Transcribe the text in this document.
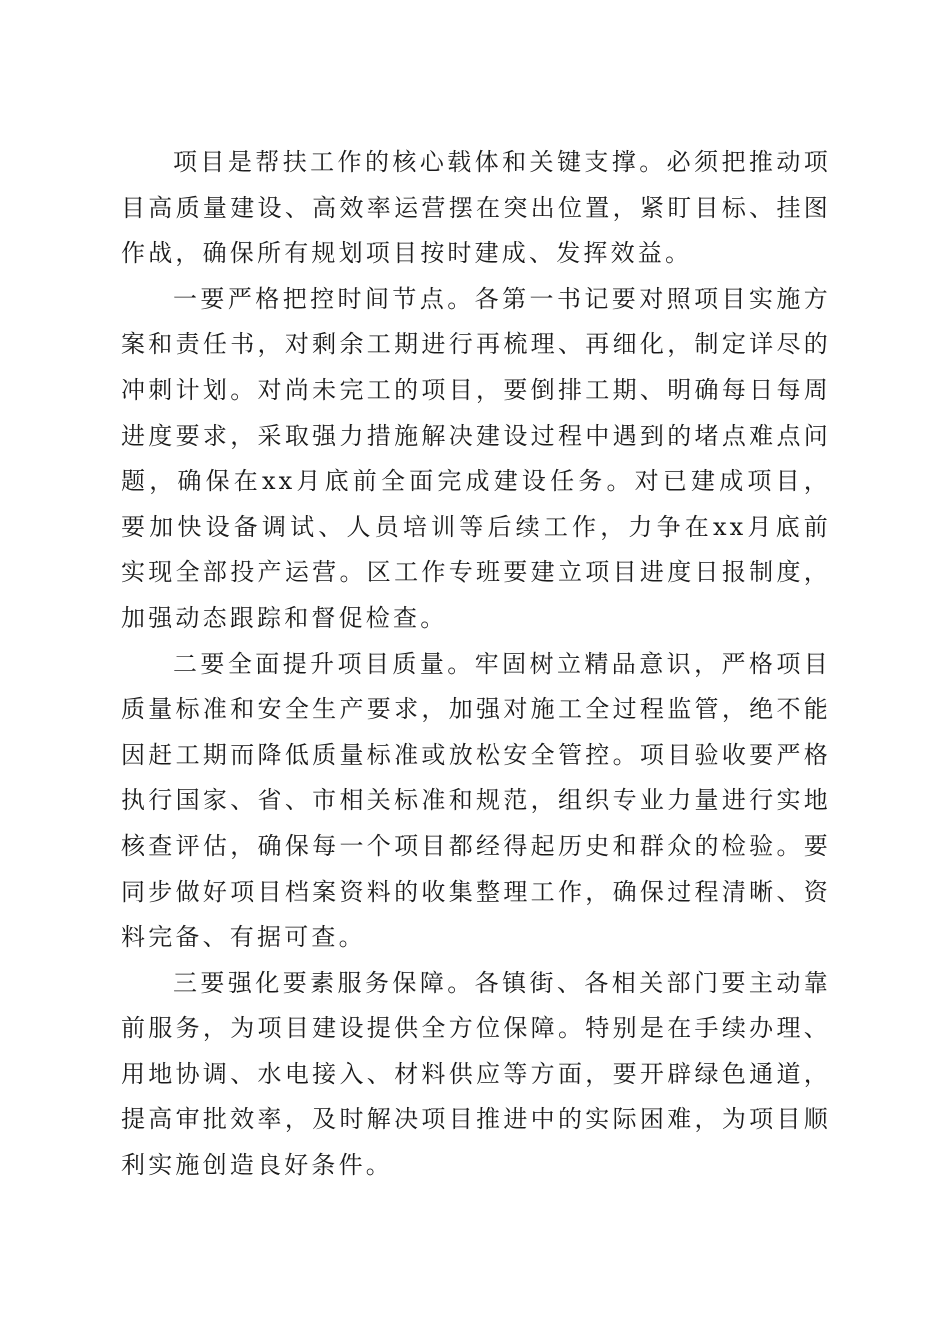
项目是帮扶工作的核心载体和关键支撑。必须把推动项目高质量建设、高效率运营摆在突出位置，紧盯目标、挂图作战，确保所有规划项目按时建成、发挥效益。

一要严格把控时间节点。各第一书记要对照项目实施方案和责任书，对剩余工期进行再梳理、再细化，制定详尽的冲刺计划。对尚未完工的项目，要倒排工期、明确每日每周进度要求，采取强力措施解决建设过程中遇到的堵点难点问题，确保在xx月底前全面完成建设任务。对已建成项目，要加快设备调试、人员培训等后续工作，力争在xx月底前实现全部投产运营。区工作专班要建立项目进度日报制度，加强动态跟踪和督促检查。

二要全面提升项目质量。牢固树立精品意识，严格项目质量标准和安全生产要求，加强对施工全过程监管，绝不能因赶工期而降低质量标准或放松安全管控。项目验收要严格执行国家、省、市相关标准和规范，组织专业力量进行实地核查评估，确保每一个项目都经得起历史和群众的检验。要同步做好项目档案资料的收集整理工作，确保过程清晰、资料完备、有据可查。

三要强化要素服务保障。各镇街、各相关部门要主动靠前服务，为项目建设提供全方位保障。特别是在手续办理、用地协调、水电接入、材料供应等方面，要开辟绿色通道，提高审批效率，及时解决项目推进中的实际困难，为项目顺利实施创造良好条件。
